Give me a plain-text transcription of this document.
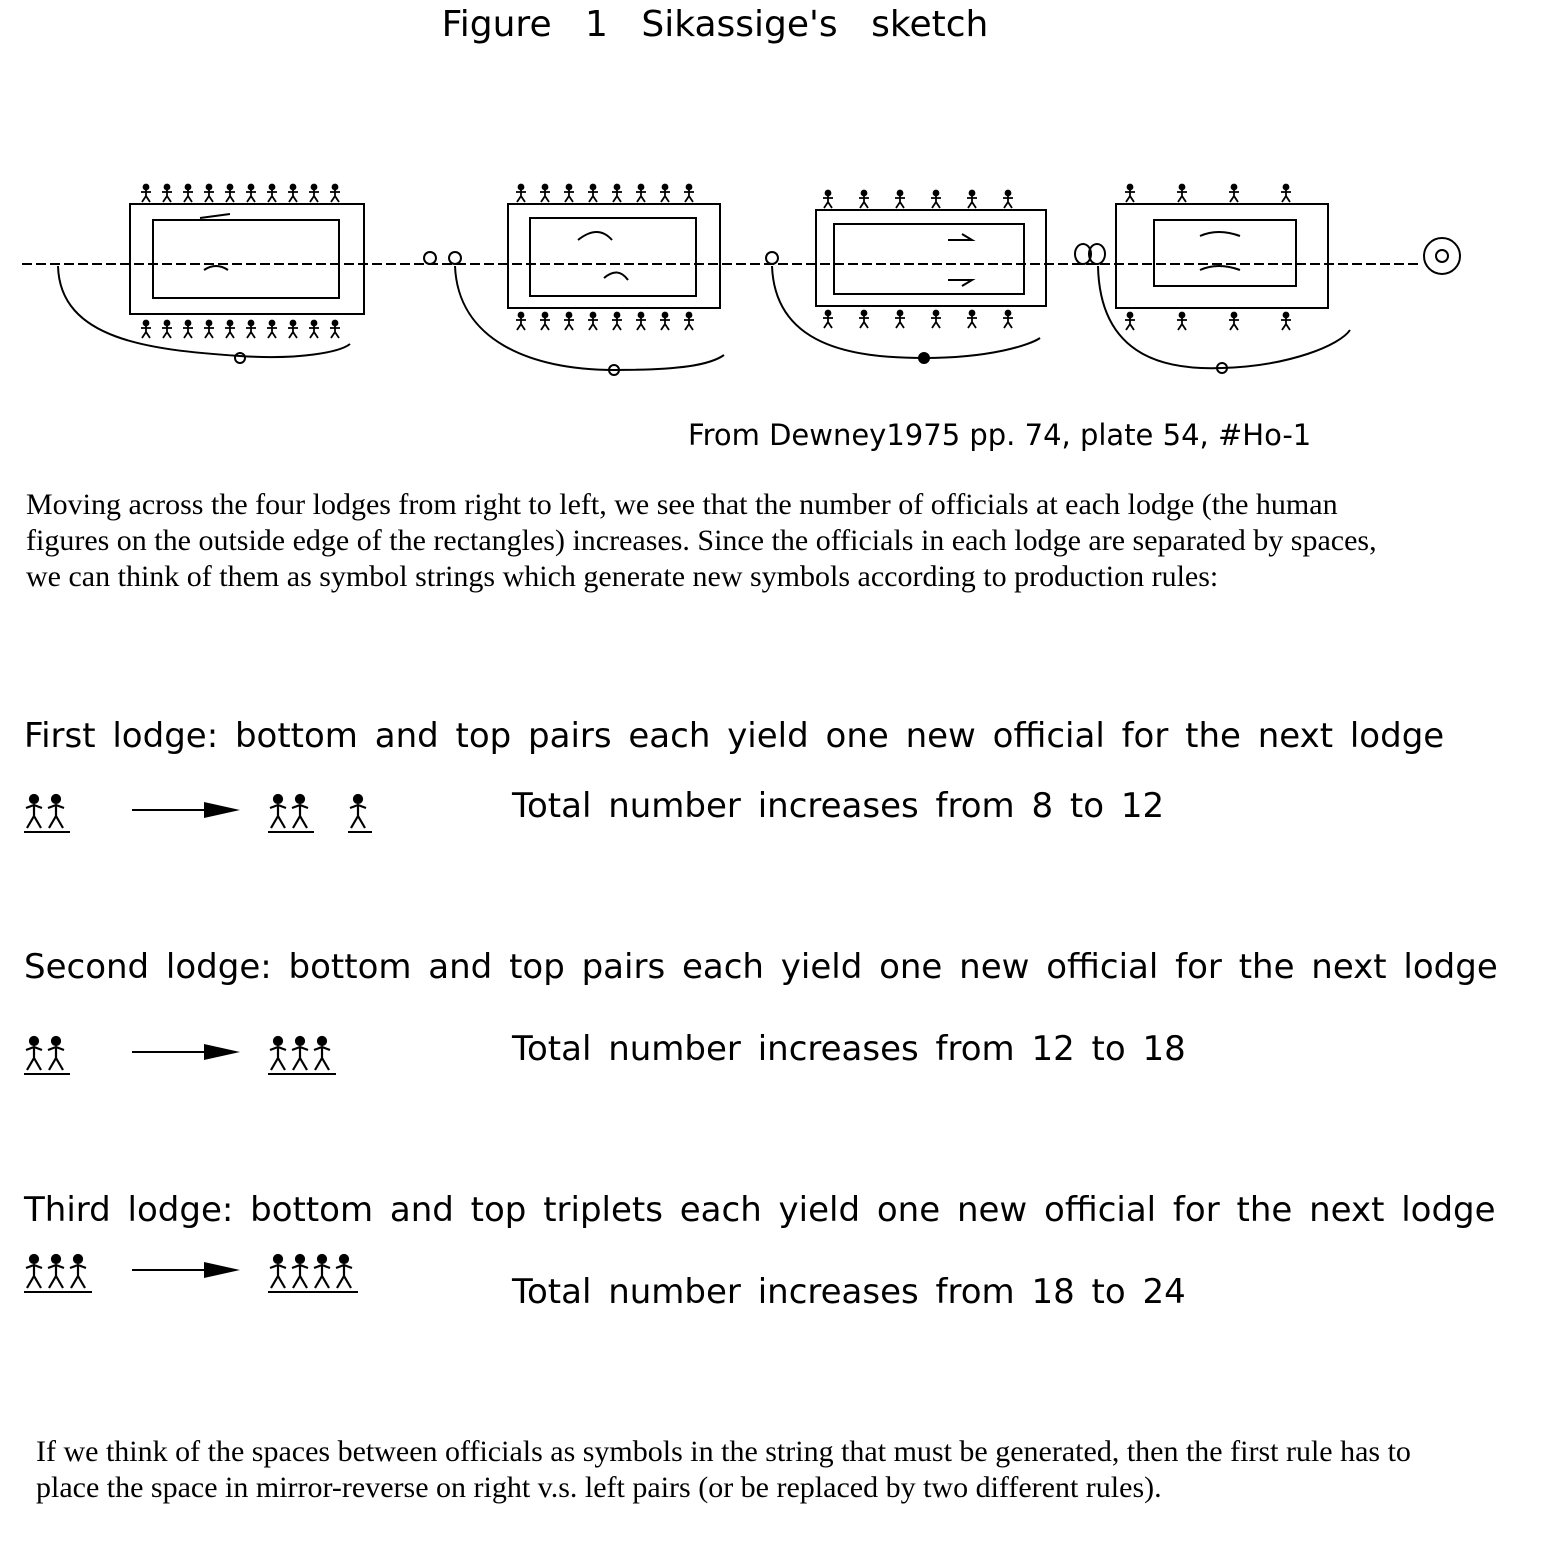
Figure 1 Sikassige's sketch
From Dewney1975 pp. 74, plate 54, #Ho-1
Moving across the four lodges from right to left, we see that the number of officials at each lodge (the human figures on the outside edge of the rectangles) increases. Since the officials in each lodge are separated by spaces, we can think of them as symbol strings which generate new symbols according to production rules:
First lodge: bottom and top pairs each yield one new official for the next lodge
Total number increases from 8 to 12
Second lodge: bottom and top pairs each yield one new official for the next lodge
Total number increases from 12 to 18
Third lodge: bottom and top triplets each yield one new official for the next lodge
Total number increases from 18 to 24
If we think of the spaces between officials as symbols in the string that must be generated, then the first rule has to place the space in mirror-reverse on right v.s. left pairs (or be replaced by two different rules).
